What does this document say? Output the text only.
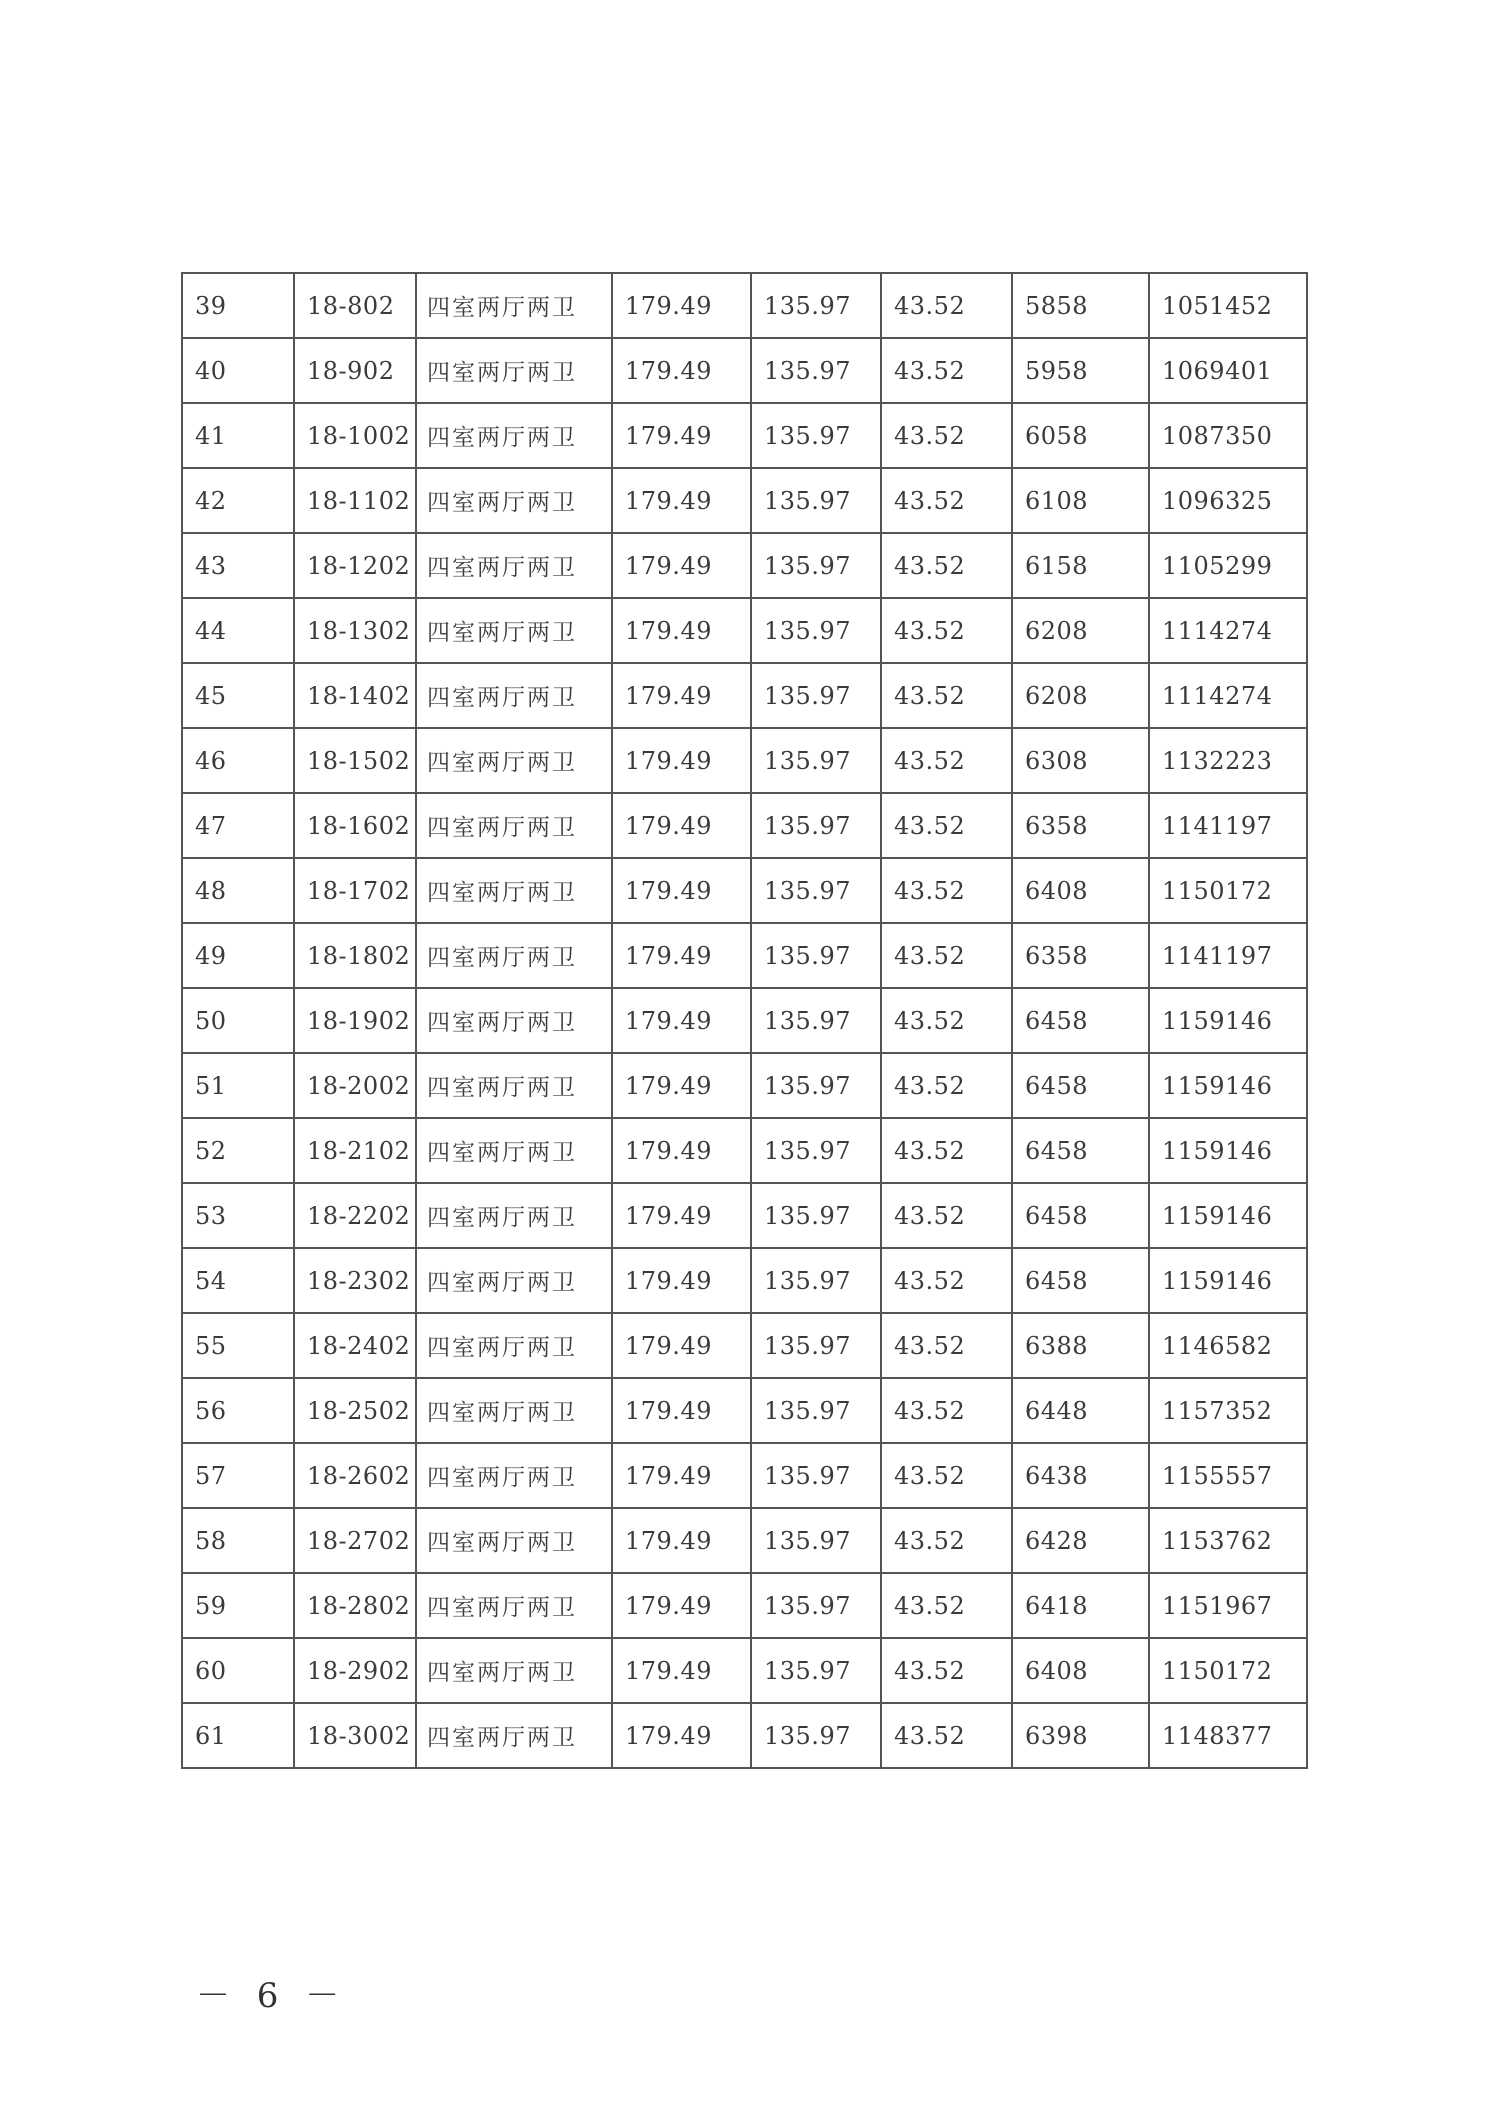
39	18-802	四室两厅两卫	179.49	135.97	43.52	5858	1051452
40	18-902	四室两厅两卫	179.49	135.97	43.52	5958	1069401
41	18-1002	四室两厅两卫	179.49	135.97	43.52	6058	1087350
42	18-1102	四室两厅两卫	179.49	135.97	43.52	6108	1096325
43	18-1202	四室两厅两卫	179.49	135.97	43.52	6158	1105299
44	18-1302	四室两厅两卫	179.49	135.97	43.52	6208	1114274
45	18-1402	四室两厅两卫	179.49	135.97	43.52	6208	1114274
46	18-1502	四室两厅两卫	179.49	135.97	43.52	6308	1132223
47	18-1602	四室两厅两卫	179.49	135.97	43.52	6358	1141197
48	18-1702	四室两厅两卫	179.49	135.97	43.52	6408	1150172
49	18-1802	四室两厅两卫	179.49	135.97	43.52	6358	1141197
50	18-1902	四室两厅两卫	179.49	135.97	43.52	6458	1159146
51	18-2002	四室两厅两卫	179.49	135.97	43.52	6458	1159146
52	18-2102	四室两厅两卫	179.49	135.97	43.52	6458	1159146
53	18-2202	四室两厅两卫	179.49	135.97	43.52	6458	1159146
54	18-2302	四室两厅两卫	179.49	135.97	43.52	6458	1159146
55	18-2402	四室两厅两卫	179.49	135.97	43.52	6388	1146582
56	18-2502	四室两厅两卫	179.49	135.97	43.52	6448	1157352
57	18-2602	四室两厅两卫	179.49	135.97	43.52	6438	1155557
58	18-2702	四室两厅两卫	179.49	135.97	43.52	6428	1153762
59	18-2802	四室两厅两卫	179.49	135.97	43.52	6418	1151967
60	18-2902	四室两厅两卫	179.49	135.97	43.52	6408	1150172
61	18-3002	四室两厅两卫	179.49	135.97	43.52	6398	1148377
－ 6 －
